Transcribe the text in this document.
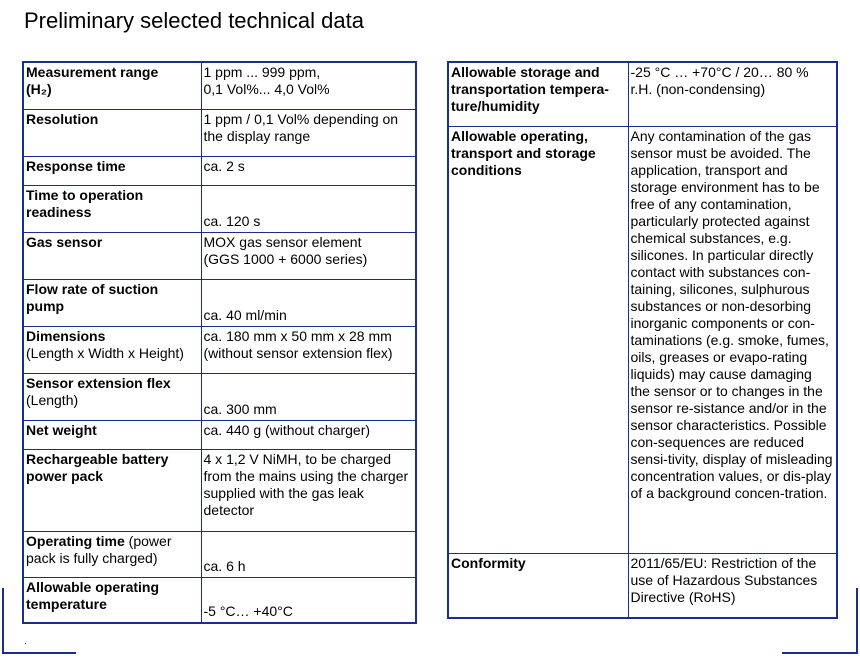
Preliminary selected technical data
Measurement range
(H₂)	1 ppm ... 999 ppm,
0,1 Vol%... 4,0 Vol%
Resolution	1 ppm / 0,1 Vol% depending on the display range
Response time	ca. 2 s
Time to operation readiness	ca. 120 s
Gas sensor	MOX gas sensor element
(GGS 1000 + 6000 series)
Flow rate of suction pump	ca. 40 ml/min
Dimensions
(Length x Width x Height)	ca. 180 mm x 50 mm x 28 mm
(without sensor extension flex)
Sensor extension flex
(Length)	ca. 300 mm
Net weight	ca. 440 g (without charger)
Rechargeable battery power pack	4 x 1,2 V NiMH, to be charged from the mains using the charger supplied with the gas leak detector
Operating time (power pack is fully charged)	ca. 6 h
Allowable operating temperature	-5 °C… +40°C
Allowable storage and transportation tempera-ture/humidity	-25 °C … +70°C / 20… 80 % r.H. (non-condensing)
Allowable operating, transport and storage conditions	Any contamination of the gas sensor must be avoided. The application, transport and storage environment has to be free of any contamination, particularly protected against chemical substances, e.g. silicones. In particular directly contact with substances con-taining, silicones, sulphurous substances or non-desorbing inorganic components or con-taminations (e.g. smoke, fumes, oils, greases or evapo-rating liquids) may cause damaging the sensor or to changes in the sensor re-sistance and/or in the sensor characteristics. Possible con-sequences are reduced sensi-tivity, display of misleading concentration values, or dis-play of a background concen-tration.
Conformity	2011/65/EU: Restriction of the use of Hazardous Substances Directive (RoHS)
.
